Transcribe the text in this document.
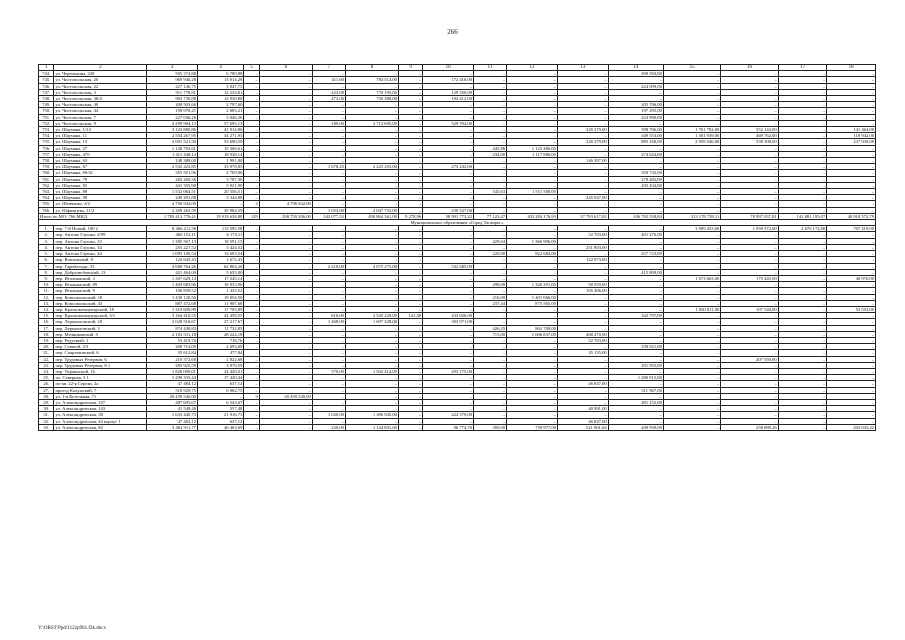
266
1	2	3	4	5	6	7	8	9	10	11	12	13	14	15	16	17	18
744.	ул. Черепахина, 228	505 374,88	6 780,88	–	–	–	–	–	–	–	–	–	498 594,00	–	–	–	–
745.	ул. Чистопольская, 20	969 946,28	13 014,28	–	–	411,60	784 514,00	–	172 418,00	–	–	–	–	–	–	–	–
746.	ул. Чистопольская, 22	227 146,75	3 047,75	–	–	–	–	–	–	–	–	–	224 099,00	–	–	–	–
747.	ул. Чистопольская, 3	911 778,81	12 233,81	–	–	423,08	770 195,00	–	129 350,00	–	–	–	–	–	–	–	–
748.	ул. Чистопольская, 38/4	963 730,88	12 930,88	–	–	473,06	756 388,00	–	194 412,00	–	–	–	–	–	–	–	–
749.	ул. Чистопольская, 40	208 503,60	2 797,60	–	–	–	–	–	–	–	–	–	205 706,00	–	–	–	–
750.	ул. Чистопольская, 44	199 978,21	2 683,21	–	–	–	–	–	–	–	–	–	197 295,00	–	–	–	–
751.	ул. Чистопольская, 7	227 036,26	3 046,26	–	–	–	–	–	–	–	–	–	223 990,00	–	–	–	–
752.	ул. Чистопольская, 9	4 299 984,13	57 695,13	–	–	189,00	3 712 695,00	–	529 594,00	–	–	–	–	–	–	–	–
753.	ул. Шаумяна, 1/14	3 123 880,86	41 914,86	–	–	–	–	–	–	–	–	228 379,00	398 706,00	1 761 782,00	552 144,00	–	141 464,00
754.	ул. Шаумяна, 11	2 554 267,95	34 271,95	–	–	–	–	–	–	–	–	–	349 353,00	1 581 939,00	469 762,00	–	118 942,00
755.	ул. Шаумяна, 13	4 001 521,50	53 690,50	–	–	–	–	–	–	–	–	228 379,00	885 168,00	2 058 046,00	538 308,00	–	237 930,00
756.	ул. Шаумяна, 27	1 140 792,61	15 306,61	–	–	–	–	–	–	445,86	1 125 486,00	–	–	–	–	–	–
757.	ул. Шаумяна, 47б	1 411 448,14	18 938,14	–	–	–	–	–	–	234,00	1 117 886,00	–	274 624,00	–	–	–	–
758.	ул. Шаумяна, 63	148 388,00	1 991,00	–	–	–	–	–	–	–	–	146 397,00	–	–	–	–	–
759.	ул. Шаумяна, 67	2 532 423,85	33 978,85	–	–	1 678,25	2 225 203,00	–	273 242,00	–	–	–	–	–	–	–	–
760.	ул. Шаумяна, 69/41	355 501,96	4 769,96	–	–	–	–	–	–	–	–	–	350 732,00	–	–	–	–
761.	ул. Шаумяна, 79	282 269,36	3 787,36	–	–	–	–	–	–	–	–	–	278 482,00	–	–	–	–
762.	ул. Шаумяна, 83	441 355,90	5 921,90	–	–	–	–	–	–	–	–	–	435 434,00	–	–	–	–
763.	ул. Шаумяна, 88	1 532 064,51	20 556,51	–	–	–	–	–	–	545,63	1 511 508,00	–	–	–	–	–	–
764.	ул. Шаумяна, 98	249 291,88	3 344,88	–	–	–	–	–	–	–	–	245 947,00	–	–	–	–	–
765.	ул. Шевченко, 4/2	4 796 942,00	–	2	4 796 942,00	–	–	–	–	–	–	–	–	–	–	–	–
766.	ул. Юфимцева, 11/2	2 309 263,59	30 984,59	–	–	1 053,00	2 047 752,00	–	230 527,00	–	–	–	–	–	–	–	–
Итого по МО: 766 МКД		1 783 413 776,41	19 919 638,80	129	298 759 506,00	342 077,52	490 864 361,00	9 278,96	58 991 773,22	77 123,47	203 284 176,93	37 793 617,82	106 792 558,84	313 178 738,11	78 997 037,81	141 881 195,07	40 910 572,79
Муниципальное образование «Город Таганрог»																	
1.	пер. 7-й Новый, 100 2	8 466 211,58	113 595,58	–	–	–	–	–	–	–	–	–	–	3 909 453,00	1 059 572,00	2 676 172,00	707 419,00
2.	пер. Антона Глушко, 2/99	460 153,11	6 174,11	–	–	–	–	–	–	–	–	52 703,00	401 276,00	–	–	–	–
3.	пер. Антона Глушко, 23	1 385 567,13	18 591,15	–	–	–	–	–	–	429,04	1 366 996,00	–	–	–	–	–	–
4.	пер. Антона Глушко, 34	255 227,52	3 424,52	–	–	–	–	–	–	–	–	251 803,00	–	–	–	–	–
5.	пер. Антона Глушко, 44	1 095 100,54	14 693,54	–	–	–	–	–	–	220,00	822 684,00	–	257 723,00	–	–	–	–
6.	пер. Вокзальный, 8	124 645,43	1 672,43	–	–	–	–	–	–	–	–	122 973,00	–	–	–	–	–
7.	пер. Гарибальди, 33	4 680 764,26	62 804,26	–	–	2 210,00	4 075 275,00	–	542 685,00	–	–	–	–	–	–	–	–
8.	пер. Добролюбовский, 13	421 464,00	5 655,00	–	–	–	–	–	–	–	–	–	415 809,00	–	–	–	–
9.	пер. Итальянский, 3	1 307 629,14	17 545,14	–	–	–	–	–	–	–	–	–	–	1 073 663,00	175 445,00	–	40 976,00
10.	пер. Итальянский, 89	1 403 683,96	18 833,96	–	–	–	–	–	–	298,00	1 326 291,00	58 559,00	–	–	–	–	–
11.	пер. Итальянский, 9	106 839,52	1 433,52	–	–	–	–	–	–	–	–	105 406,00	–	–	–	–	–
12.	пер. Комсомольский, 18	1 430 120,50	19 054,50	–	–	–	–	–	–	216,00	1 401 066,00	–	–	–	–	–	–
13.	пер. Комсомольский, 43	887 472,68	11 907,68	–	–	–	–	–	–	237,44	875 565,00	–	–	–	–	–	–
14.	пер. Краснокоммунарский, 18	1 319 609,89	17 705,89	–	–	–	–	–	–	–	–	–	–	1 050 811,00	197 540,00	–	53 553,00
15.	пер. Краснокоммунарский, 3/1	3 164 410,55	42 458,55	–	–	616,00	2 545 229,00	141,30	233 926,00	–	–	–	342 797,00	–	–	–	–
16.	пер. Лермонтовский, 20	2 028 516,67	27 217,67	–	–	1 468,00	1 697 328,00	–	303 971,00	–	–	–	–	–	–	–	–
17.	пер. Лермонтовский, 3	874 440,83	11 732,83	–	–	–	–	–	–	426,25	862 708,00	–	–	–	–	–	–
18.	пер. Мечниковский, 9	2 103 531,18	28 224,18	–	–	–	–	–	–	715,00	1 606 837,00	468 470,00	–	–	–	–	–
19.	пер. Редутный, 1	53 419,76	716,76	–	–	–	–	–	–	–	–	52 703,00	–	–	–	–	–
20.	пер. Севшой, 2/3	200 714,09	2 693,09	–	–	–	–	–	–	–	–	–	198 021,00	–	–	–	–
21.	пер. Спартаковский, 6	35 612,84	477,84	–	–	–	–	–	–	–	–	35 135,00	–	–	–	–	–
22.	пер. Трудовых Резервов, 6	210 372,68	2 822,68	–	–	–	–	–	–	–	–	–	–	–	207 550,00	–	–
23.	пер. Трудовых Резервов, 8 1	295 925,59	3 970,59	–	–	–	–	–	–	–	–	–	291 955,00	–	–	–	–
24.	пер. Украинский, 16	1 820 009,01	24 420,01	–	–	570,00	1 502 414,00	–	293 175,00	–	–	–	–	–	–	–	–
25.	пл. Северная, 3 1	1 298 335,44	17 420,44	–	–	–	–	–	–	–	–	–	1 280 915,00	–	–	–	–
26.	пл-кв. 22-я Серова, 2а	47 484,12	637,12	–	–	–	–	–	–	–	–	46 847,00	–	–	–	–	–
27.	проезд Калужский, 7	518 929,75	6 962,75	–	–	–	–	–	–	–	–	–	511 967,00	–	–	–	–
28.	ул. 1-я Котельная, 71	20 439 540,00	–	9	20 439 540,00	–	–	–	–	–	–	–	–	–	–	–	–
29.	ул. Александровская, 107	487 695,67	6 543,67	–	–	–	–	–	–	–	–	–	481 152,00	–	–	–	–
30.	ул. Александровская, 143	41 548,48	557,48	–	–	–	–	–	–	–	–	40 991,00	–	–	–	–	–
31.	ул. Александровская, 38	1 633 440,73	21 916,73	–	–	1 020,00	1 386 945,00	–	224 579,00	–	–	–	–	–	–	–	–
32.	ул. Александровская, 44 корпус 1	47 484,12	637,12	–	–	–	–	–	–	–	–	46 847,00	–	–	–	–	–
33.	ул. Александровская, 84	3 462 911,77	46 463,69	–	–	220,00	1 144 831,60	–	96 774,76	350,00	739 977,00	521 001,04	449 939,00	–	258 889,26	–	203 035,42
Y:\ORST\Ppd\1122p961.f2k.docx
